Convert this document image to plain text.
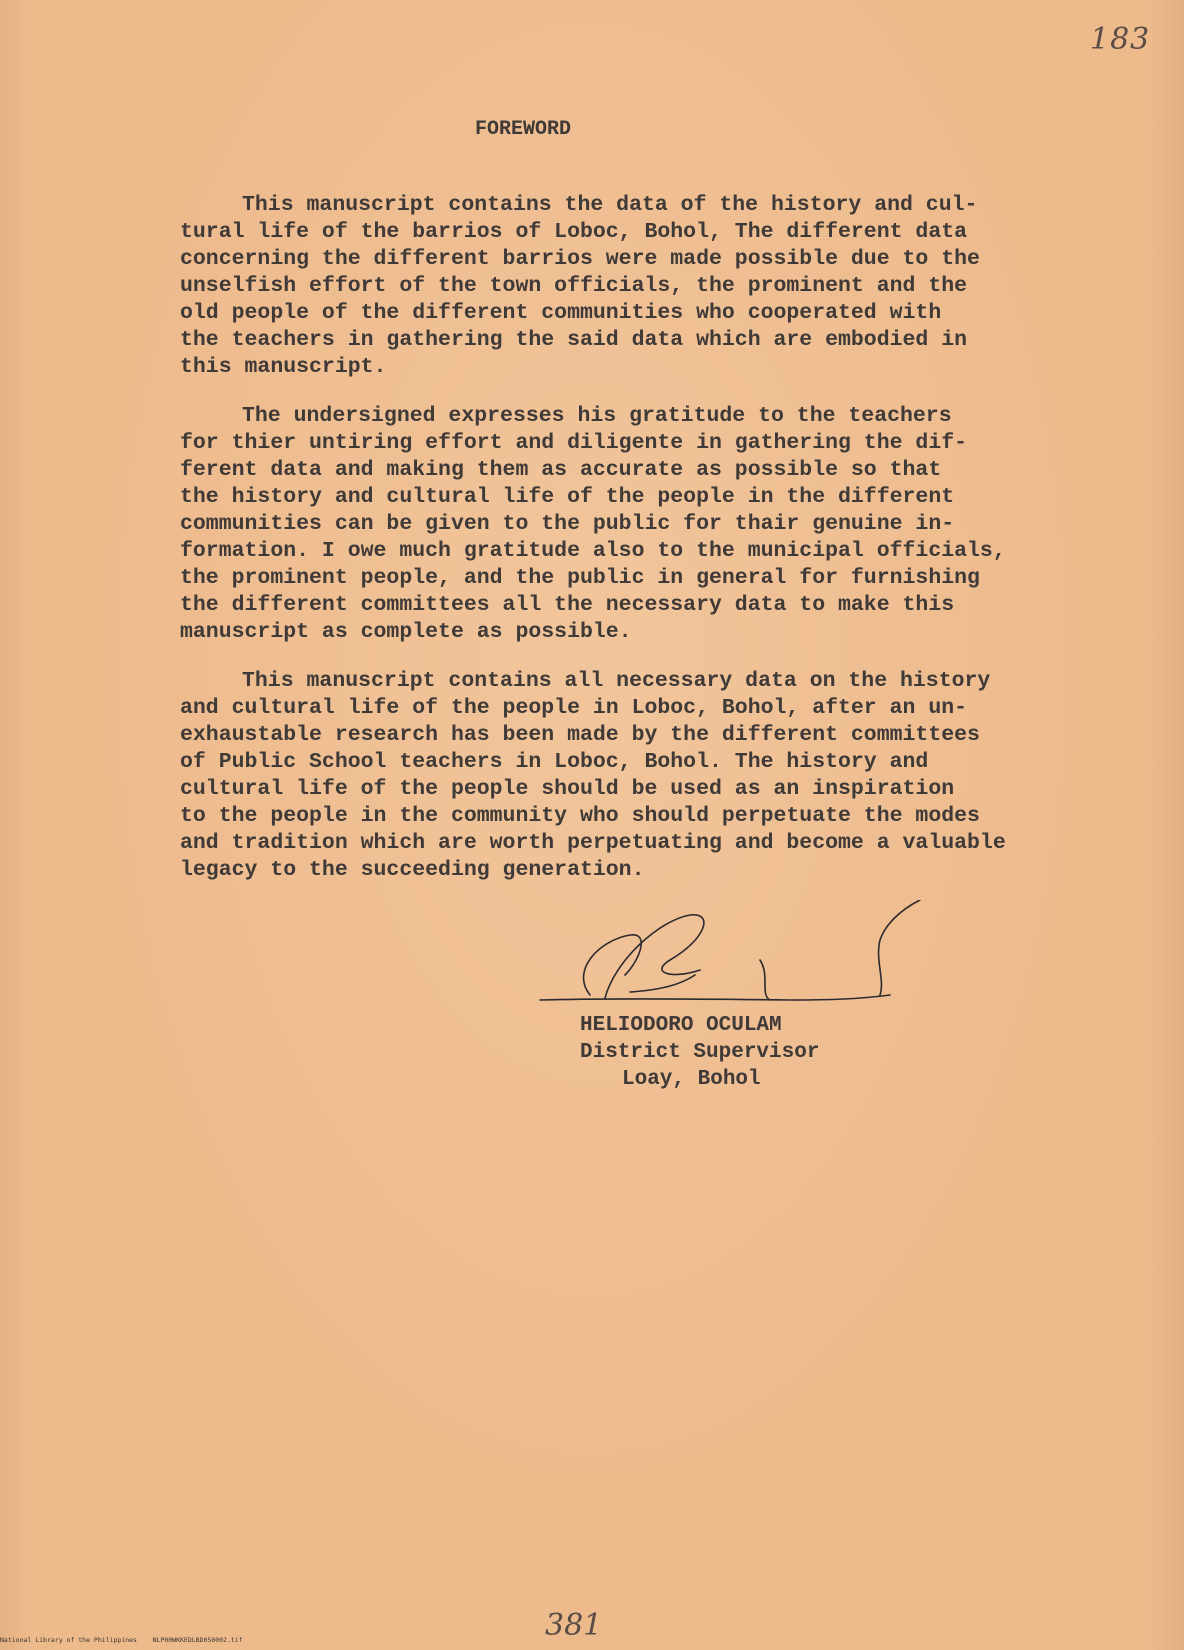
183
FOREWORD
This manuscript contains the data of the history and cul-
tural life of the barrios of Loboc, Bohol, The different data
concerning the different barrios were made possible due to the
unselfish effort of the town officials, the prominent and the
old people of the different communities who cooperated with
the teachers in gathering the said data which are embodied in
this manuscript.
The undersigned expresses his gratitude to the teachers
for thier untiring effort and diligente in gathering the dif-
ferent data and making them as accurate as possible so that
the history and cultural life of the people in the different
communities can be given to the public for thair genuine in-
formation. I owe much gratitude also to the municipal officials,
the prominent people, and the public in general for furnishing
the different committees all the necessary data to make this
manuscript as complete as possible.
This manuscript contains all necessary data on the history
and cultural life of the people in Loboc, Bohol, after an un-
exhaustable research has been made by the different committees
of Public School teachers in Loboc, Bohol. The history and
cultural life of the people should be used as an inspiration
to the people in the community who should perpetuate the modes
and tradition which are worth perpetuating and become a valuable
legacy to the succeeding generation.
HELIODORO OCULAM
District Supervisor
Loay, Bohol
381
National Library of the Philippines    NLP00WKKEDLBD050002.tif
